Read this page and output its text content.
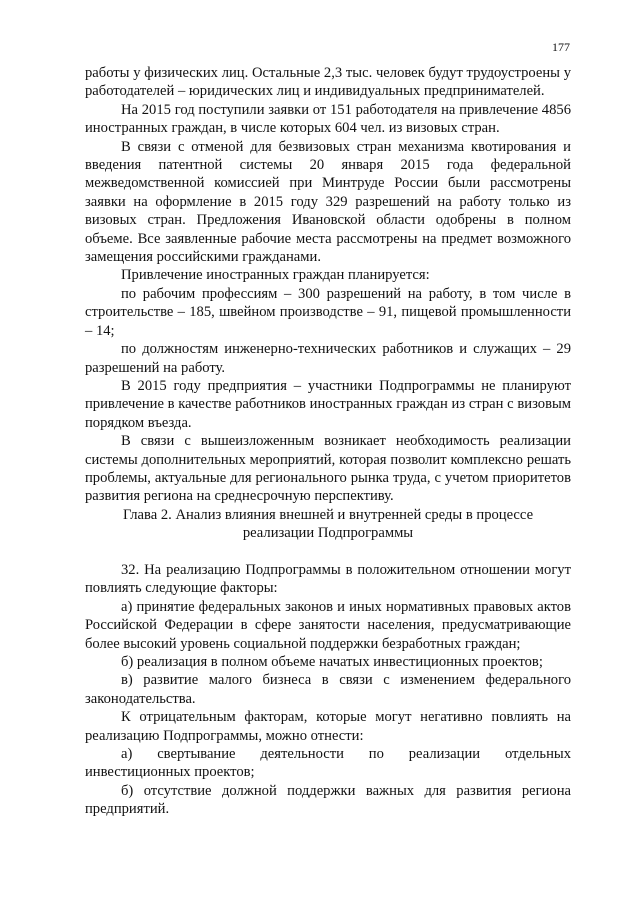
177

работы у физических лиц. Остальные 2,3 тыс. человек будут трудоустроены у работодателей – юридических лиц и индивидуальных предпринимателей.

На 2015 год поступили заявки от 151 работодателя на привлечение 4856 иностранных граждан, в числе которых 604 чел. из визовых стран.

В связи с отменой для безвизовых стран механизма квотирования и введения патентной системы 20 января 2015 года федеральной межведомственной комиссией при Минтруде России были рассмотрены заявки на оформление в 2015 году 329 разрешений на работу только из визовых стран. Предложения Ивановской области одобрены в полном объеме. Все заявленные рабочие места рассмотрены на предмет возможного замещения российскими гражданами.

Привлечение иностранных граждан планируется:

по рабочим профессиям – 300 разрешений на работу, в том числе в строительстве – 185, швейном производстве – 91, пищевой промышленности – 14;

по должностям инженерно-технических работников и служащих – 29 разрешений на работу.

В 2015 году предприятия – участники Подпрограммы не планируют привлечение в качестве работников иностранных граждан из стран с визовым порядком въезда.

В связи с вышеизложенным возникает необходимость реализации системы дополнительных мероприятий, которая позволит комплексно решать проблемы, актуальные для регионального рынка труда, с учетом приоритетов развития региона на среднесрочную перспективу.

Глава 2. Анализ влияния внешней и внутренней среды в процессе

реализации Подпрограммы

32. На реализацию Подпрограммы в положительном отношении могут повлиять следующие факторы:

а) принятие федеральных законов и иных нормативных правовых актов Российской Федерации в сфере занятости населения, предусматривающие более высокий уровень социальной поддержки безработных граждан;

б) реализация в полном объеме начатых инвестиционных проектов;

в) развитие малого бизнеса в связи с изменением федерального законодательства.

К отрицательным факторам, которые могут негативно повлиять на реализацию Подпрограммы, можно отнести:

а) свертывание деятельности по реализации отдельных инвестиционных проектов;

б) отсутствие должной поддержки важных для развития региона предприятий.
